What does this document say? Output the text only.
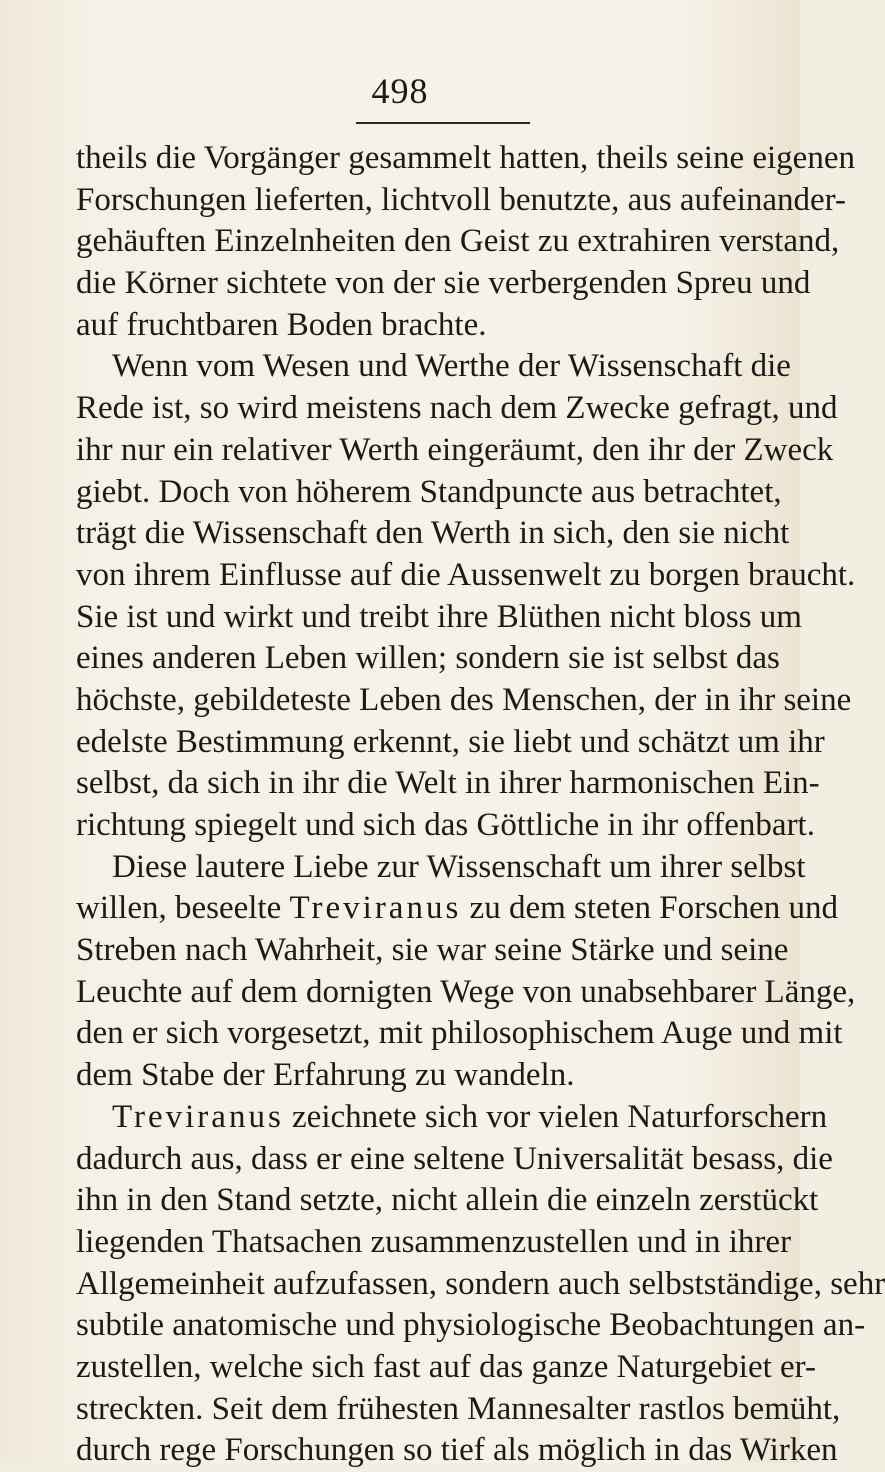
498
theils die Vorgänger gesammelt hatten, theils seine eigenen
Forschungen lieferten, lichtvoll benutzte, aus aufeinander-
gehäuften Einzelnheiten den Geist zu extrahiren verstand,
die Körner sichtete von der sie verbergenden Spreu und
auf fruchtbaren Boden brachte.
Wenn vom Wesen und Werthe der Wissenschaft die
Rede ist, so wird meistens nach dem Zwecke gefragt, und
ihr nur ein relativer Werth eingeräumt, den ihr der Zweck
giebt. Doch von höherem Standpuncte aus betrachtet,
trägt die Wissenschaft den Werth in sich, den sie nicht
von ihrem Einflusse auf die Aussenwelt zu borgen braucht.
Sie ist und wirkt und treibt ihre Blüthen nicht bloss um
eines anderen Leben willen; sondern sie ist selbst das
höchste, gebildeteste Leben des Menschen, der in ihr seine
edelste Bestimmung erkennt, sie liebt und schätzt um ihr
selbst, da sich in ihr die Welt in ihrer harmonischen Ein-
richtung spiegelt und sich das Göttliche in ihr offenbart.
Diese lautere Liebe zur Wissenschaft um ihrer selbst
willen, beseelte Treviranus zu dem steten Forschen und
Streben nach Wahrheit, sie war seine Stärke und seine
Leuchte auf dem dornigten Wege von unabsehbarer Länge,
den er sich vorgesetzt, mit philosophischem Auge und mit
dem Stabe der Erfahrung zu wandeln.
Treviranus zeichnete sich vor vielen Naturforschern
dadurch aus, dass er eine seltene Universalität besass, die
ihn in den Stand setzte, nicht allein die einzeln zerstückt
liegenden Thatsachen zusammenzustellen und in ihrer
Allgemeinheit aufzufassen, sondern auch selbstständige, sehr
subtile anatomische und physiologische Beobachtungen an-
zustellen, welche sich fast auf das ganze Naturgebiet er-
streckten. Seit dem frühesten Mannesalter rastlos bemüht,
durch rege Forschungen so tief als möglich in das Wirken
